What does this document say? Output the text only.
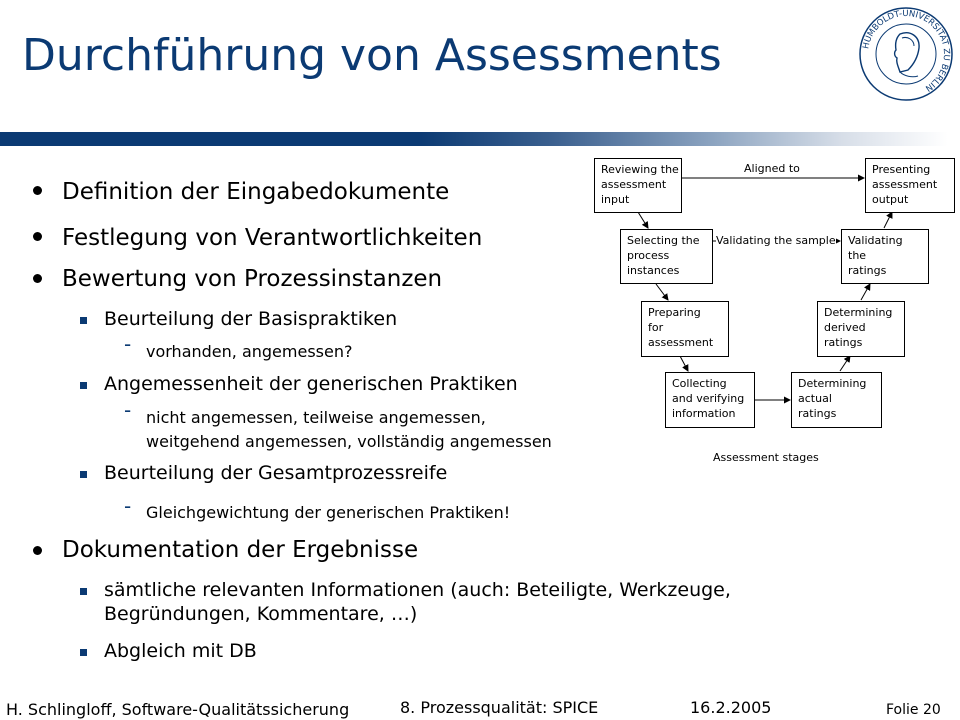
Durchführung von Assessments	HUMBOLDT-UNIVERSITÄT ZU BERLIN
Definition der Eingabedokumente
Festlegung von Verantwortlichkeiten
Bewertung von Prozessinstanzen
Beurteilung der Basispraktiken
- vorhanden, angemessen?
Angemessenheit der generischen Praktiken
- nicht angemessen, teilweise angemessen,
weitgehend angemessen, vollständig angemessen
Beurteilung der Gesamtprozessreife
- Gleichgewichtung der generischen Praktiken!
Dokumentation der Ergebnisse
sämtliche relevanten Informationen (auch: Beteiligte, Werkzeuge,
Begründungen, Kommentare, …)
Abgleich mit DB
Reviewing the
assessment
input
Presenting
assessment
output
Selecting the
process
instances
Validating
the
ratings
Preparing
for
assessment
Determining
derived
ratings
Collecting
and verifying
information
Determining
actual
ratings
Aligned to
Validating the sample
Assessment stages
H. Schlingloff, Software-Qualitätssicherung	8. Prozessqualität: SPICE	16.2.2005	Folie 20
